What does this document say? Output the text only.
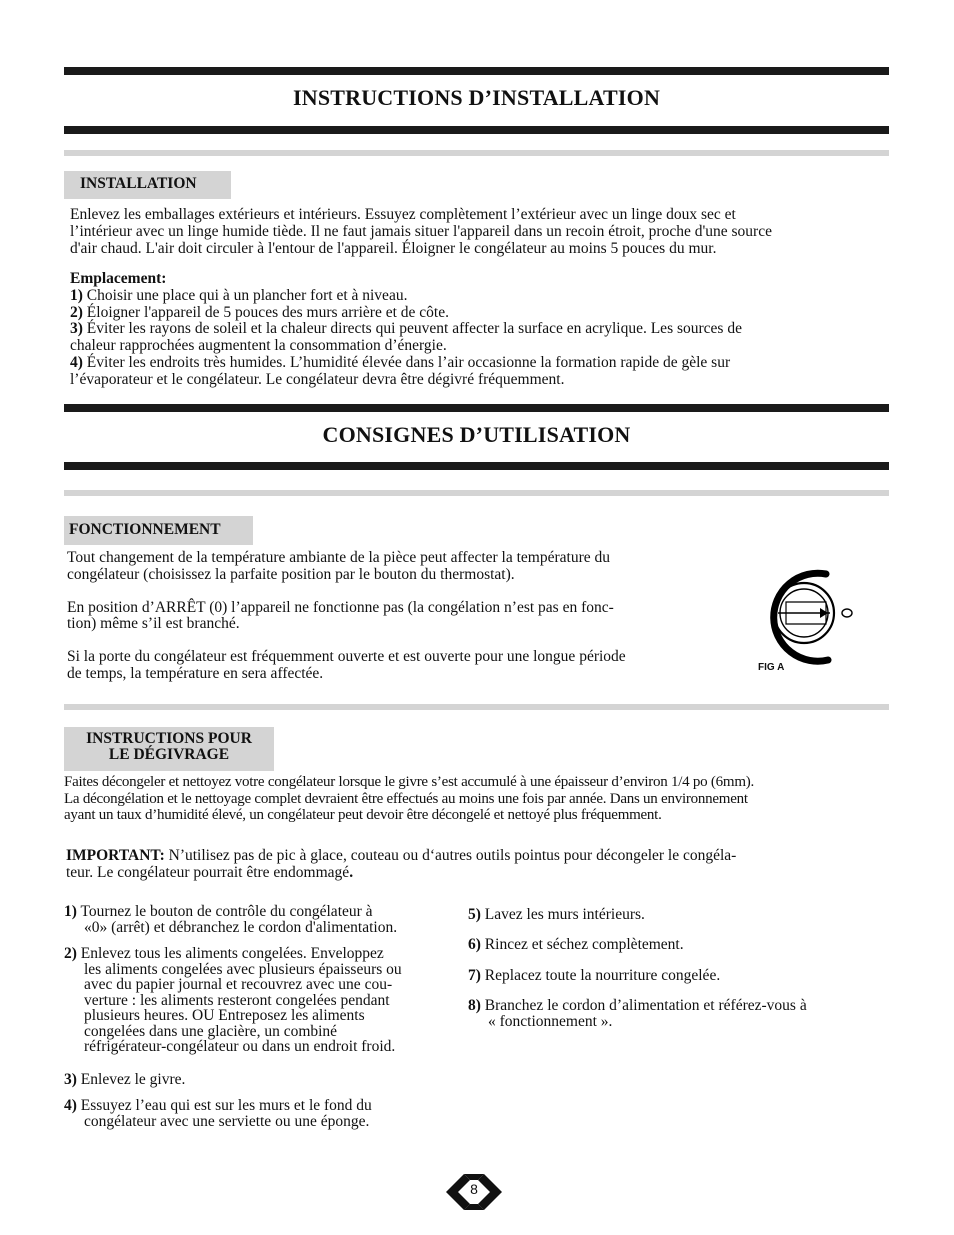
INSTRUCTIONS D’INSTALLATION
INSTALLATION
Enlevez les emballages extérieurs et intérieurs. Essuyez complètement l’extérieur avec un linge doux sec et
l’intérieur avec un linge humide tiède. Il ne faut jamais situer l'appareil dans un recoin étroit, proche d'une source
d'air chaud. L'air doit circuler à l'entour de l'appareil. Éloigner le congélateur au moins 5 pouces du mur.
Emplacement:
1) Choisir une place qui à un plancher fort et à niveau.
2) Éloigner l'appareil de 5 pouces des murs arrière et de côte.
3) Éviter les rayons de soleil et la chaleur directs qui peuvent affecter la surface en acrylique. Les sources de
chaleur rapprochées augmentent la consommation d’énergie.
4) Éviter les endroits très humides. L’humidité élevée dans l’air occasionne la formation rapide de gèle sur
l’évaporateur et le congélateur. Le congélateur devra être dégivré fréquemment.
CONSIGNES D’UTILISATION
FONCTIONNEMENT
Tout changement de la température ambiante de la pièce peut affecter la température du
congélateur (choisissez la parfaite position par le bouton du thermostat).
En position d’ARRÊT (0) l’appareil ne fonctionne pas (la congélation n’est pas en fonc-
tion) même s’il est branché.
Si la porte du congélateur est fréquemment ouverte et est ouverte pour une longue période
de temps, la température en sera affectée.	FIG A
INSTRUCTIONS POUR
LE DÉGIVRAGE
Faites décongeler et nettoyez votre congélateur lorsque le givre s’est accumulé à une épaisseur d’environ 1/4 po (6mm).
La décongélation et le nettoyage complet devraient être effectués au moins une fois par année. Dans un environnement
ayant un taux d’humidité élevé, un congélateur peut devoir être décongelé et nettoyé plus fréquemment.
IMPORTANT: N’utilisez pas de pic à glace, couteau ou d‘autres outils pointus pour décongeler le congéla-
teur. Le congélateur pourrait être endommagé.
1) Tournez le bouton de contrôle du congélateur à
«0» (arrêt) et débranchez le cordon d'alimentation.
2) Enlevez tous les aliments congelées. Enveloppez
les aliments congelées avec plusieurs épaisseurs ou
avec du papier journal et recouvrez avec une cou-
verture : les aliments resteront congelées pendant
plusieurs heures. OU Entreposez les aliments
congelées dans une glacière, un combiné
réfrigérateur-congélateur ou dans un endroit froid.
3) Enlevez le givre.
4) Essuyez l’eau qui est sur les murs et le fond du
congélateur avec une serviette ou une éponge.
5) Lavez les murs intérieurs.
6) Rincez et séchez complètement.
7) Replacez toute la nourriture congelée.
8) Branchez le cordon d’alimentation et référez-vous à
« fonctionnement ».
8
